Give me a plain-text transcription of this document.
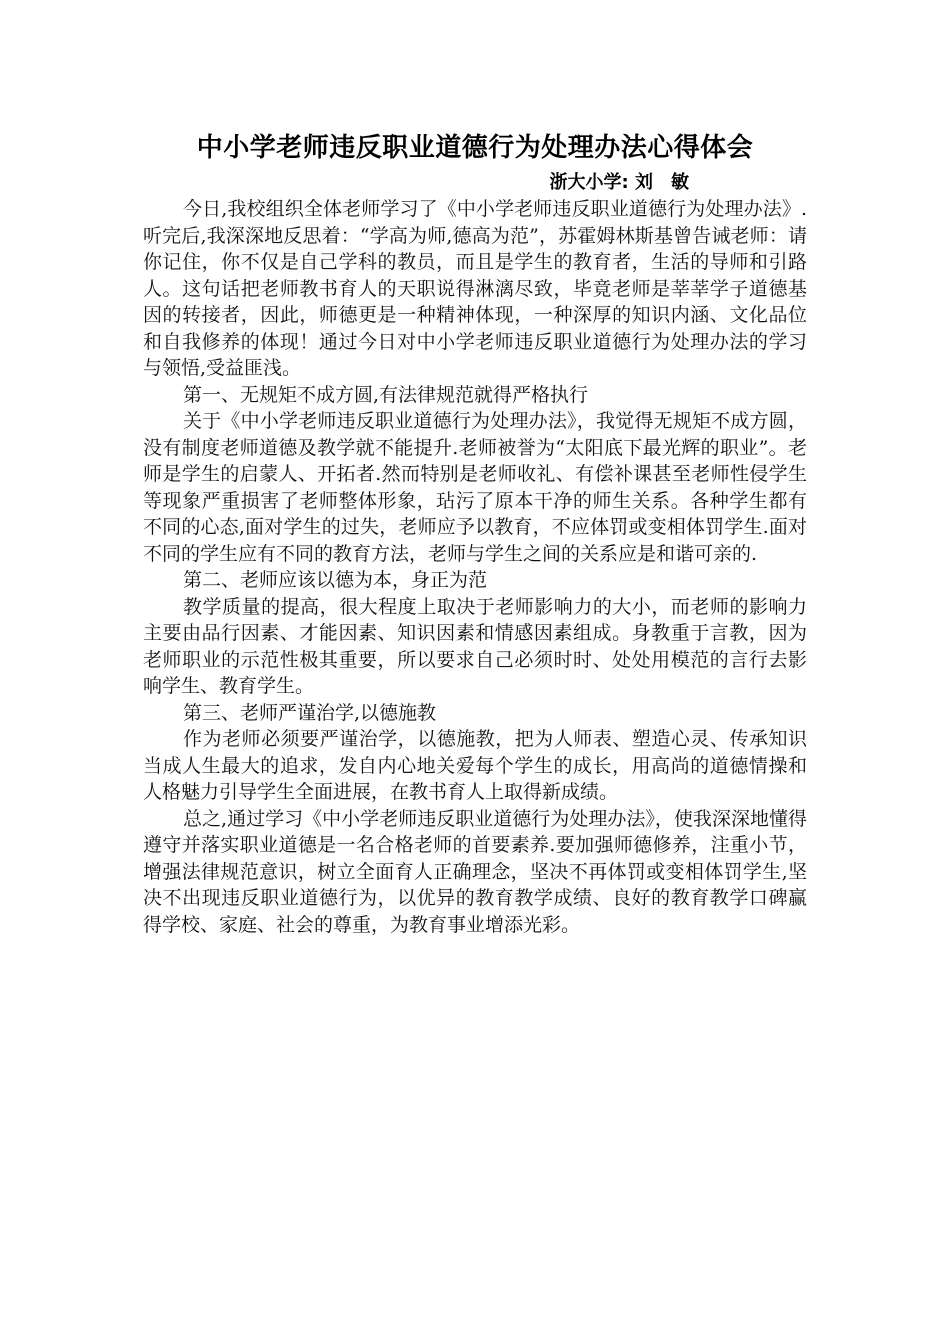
中小学老师违反职业道德行为处理办法心得体会
浙大小学: 刘　敏

今日,我校组织全体老师学习了《中小学老师违反职业道德行为处理办法》.听完后,我深深地反思着：“学高为师,德高为范”，苏霍姆林斯基曾告诫老师：请你记住，你不仅是自己学科的教员，而且是学生的教育者，生活的导师和引路人。这句话把老师教书育人的天职说得淋漓尽致，毕竟老师是莘莘学子道德基因的转接者，因此，师德更是一种精神体现，一种深厚的知识内涵、文化品位和自我修养的体现！通过今日对中小学老师违反职业道德行为处理办法的学习与领悟,受益匪浅。

第一、无规矩不成方圆,有法律规范就得严格执行

关于《中小学老师违反职业道德行为处理办法》，我觉得无规矩不成方圆，没有制度老师道德及教学就不能提升.老师被誉为“太阳底下最光辉的职业”。老师是学生的启蒙人、开拓者.然而特别是老师收礼、有偿补课甚至老师性侵学生等现象严重损害了老师整体形象，玷污了原本干净的师生关系。各种学生都有不同的心态,面对学生的过失，老师应予以教育，不应体罚或变相体罚学生.面对不同的学生应有不同的教育方法，老师与学生之间的关系应是和谐可亲的.

第二、老师应该以德为本，身正为范

教学质量的提高，很大程度上取决于老师影响力的大小，而老师的影响力主要由品行因素、才能因素、知识因素和情感因素组成。身教重于言教，因为老师职业的示范性极其重要，所以要求自己必须时时、处处用模范的言行去影响学生、教育学生。

第三、老师严谨治学,以德施教

作为老师必须要严谨治学，以德施教，把为人师表、塑造心灵、传承知识当成人生最大的追求，发自内心地关爱每个学生的成长，用高尚的道德情操和人格魅力引导学生全面进展，在教书育人上取得新成绩。

总之,通过学习《中小学老师违反职业道德行为处理办法》，使我深深地懂得遵守并落实职业道德是一名合格老师的首要素养.要加强师德修养，注重小节，增强法律规范意识，树立全面育人正确理念，坚决不再体罚或变相体罚学生,坚决不出现违反职业道德行为，以优异的教育教学成绩、良好的教育教学口碑赢得学校、家庭、社会的尊重，为教育事业增添光彩。
